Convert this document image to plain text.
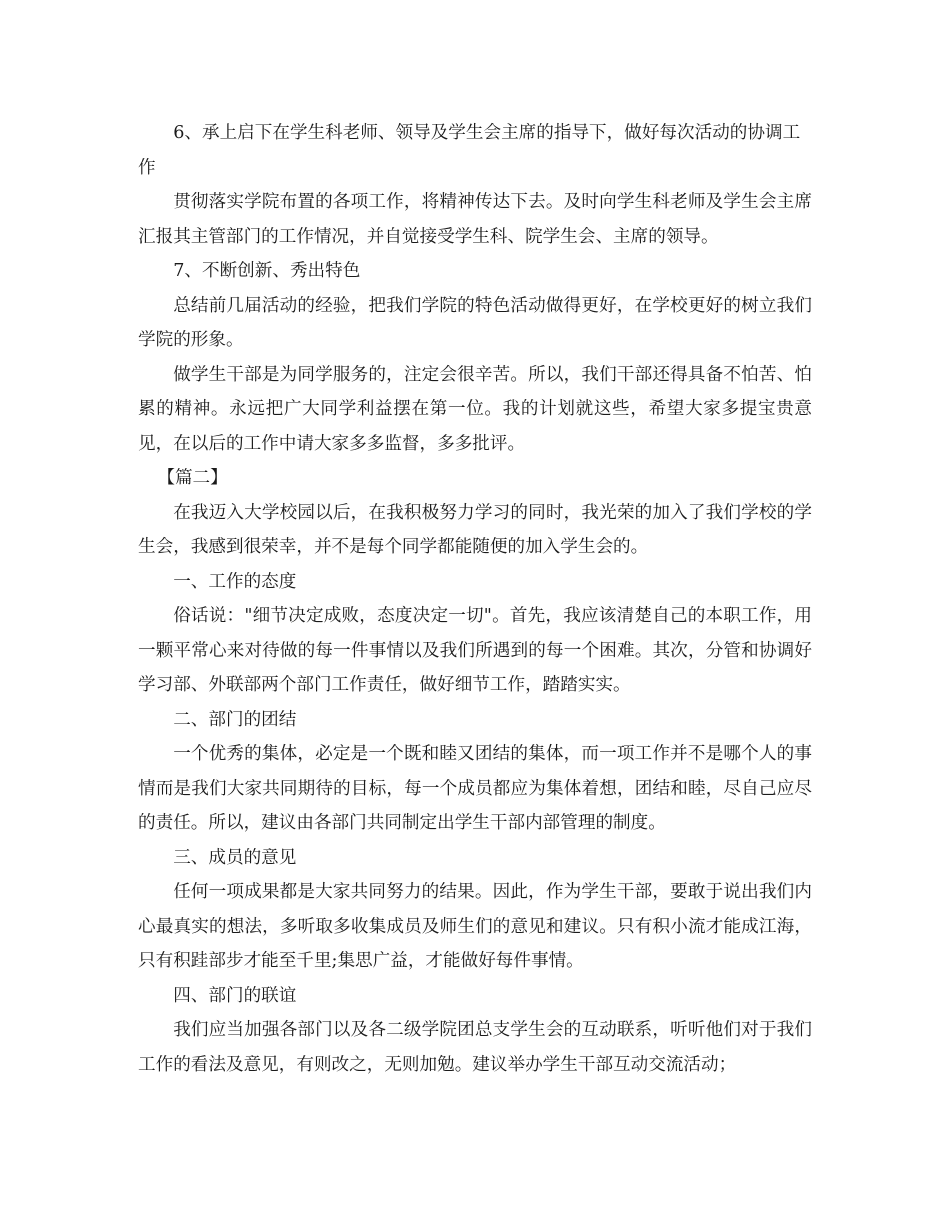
6、承上启下在学生科老师、领导及学生会主席的指导下，做好每次活动的协调工作

贯彻落实学院布置的各项工作，将精神传达下去。及时向学生科老师及学生会主席汇报其主管部门的工作情况，并自觉接受学生科、院学生会、主席的领导。

7、不断创新、秀出特色

总结前几届活动的经验，把我们学院的特色活动做得更好，在学校更好的树立我们学院的形象。

做学生干部是为同学服务的，注定会很辛苦。所以，我们干部还得具备不怕苦、怕累的精神。永远把广大同学利益摆在第一位。我的计划就这些，希望大家多提宝贵意见，在以后的工作中请大家多多监督，多多批评。

【篇二】

在我迈入大学校园以后，在我积极努力学习的同时，我光荣的加入了我们学校的学生会，我感到很荣幸，并不是每个同学都能随便的加入学生会的。

一、工作的态度

俗话说："细节决定成败，态度决定一切"。首先，我应该清楚自己的本职工作，用一颗平常心来对待做的每一件事情以及我们所遇到的每一个困难。其次，分管和协调好学习部、外联部两个部门工作责任，做好细节工作，踏踏实实。

二、部门的团结

一个优秀的集体，必定是一个既和睦又团结的集体，而一项工作并不是哪个人的事情而是我们大家共同期待的目标，每一个成员都应为集体着想，团结和睦，尽自己应尽的责任。所以，建议由各部门共同制定出学生干部内部管理的制度。

三、成员的意见

任何一项成果都是大家共同努力的结果。因此，作为学生干部，要敢于说出我们内心最真实的想法，多听取多收集成员及师生们的意见和建议。只有积小流才能成江海，只有积跬部步才能至千里;集思广益，才能做好每件事情。

四、部门的联谊

我们应当加强各部门以及各二级学院团总支学生会的互动联系，听听他们对于我们工作的看法及意见，有则改之，无则加勉。建议举办学生干部互动交流活动；
